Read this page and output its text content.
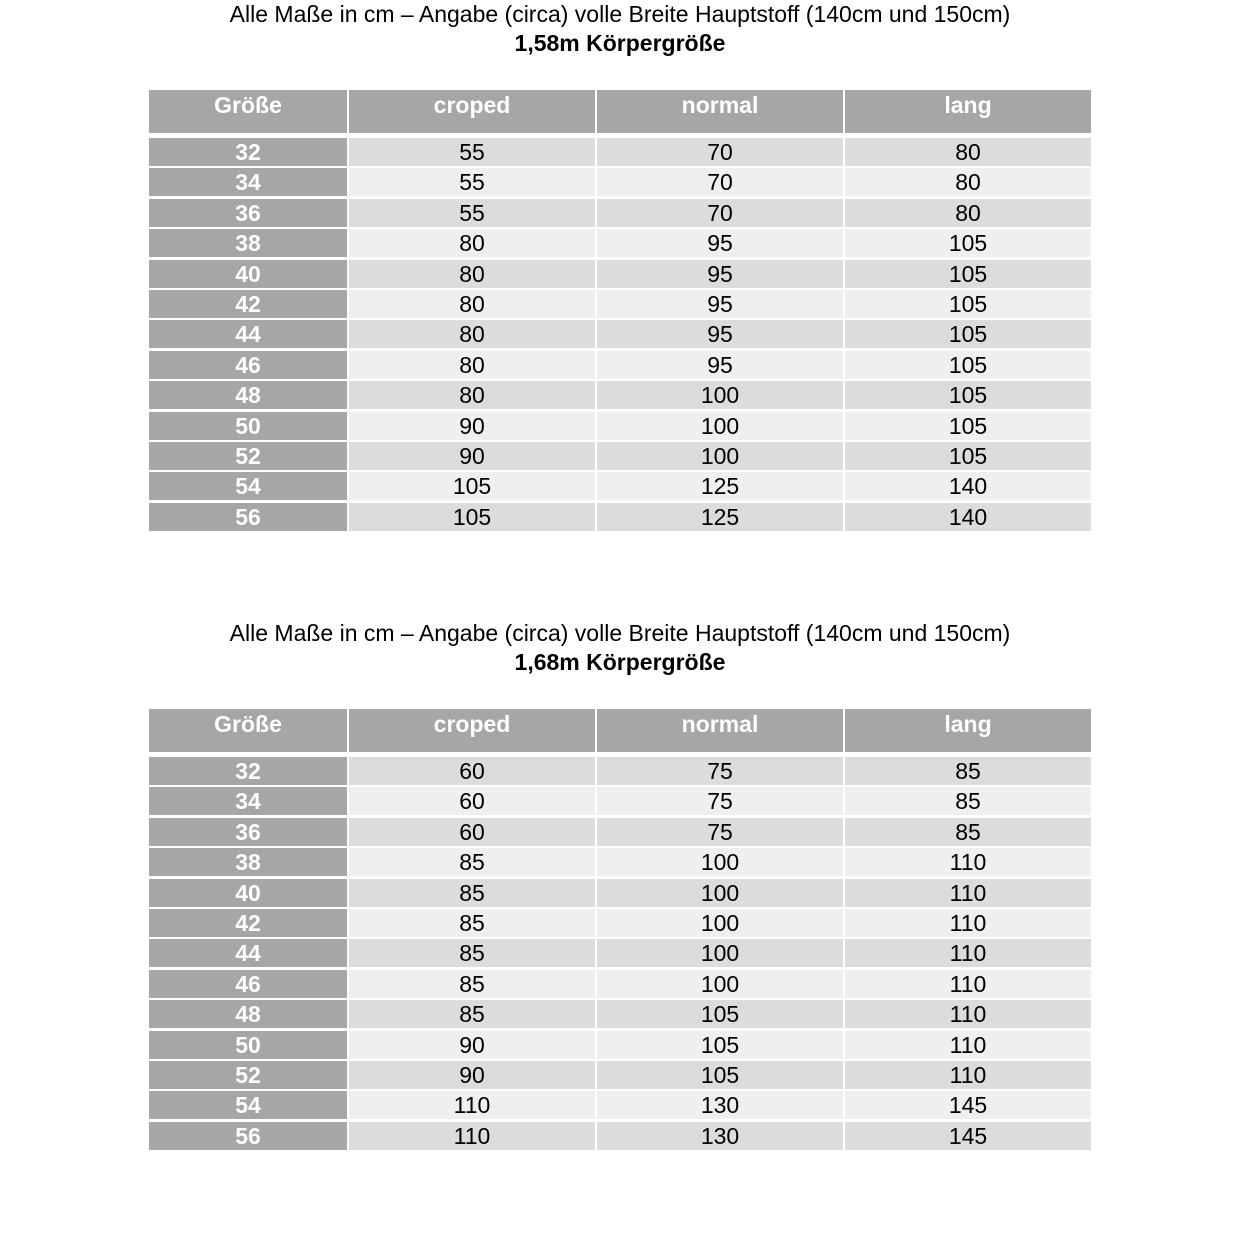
Alle Maße in cm – Angabe (circa) volle Breite Hauptstoff (140cm und 150cm)

1,58m Körpergröße

Größe	croped	normal	lang
32	55	70	80
34	55	70	80
36	55	70	80
38	80	95	105
40	80	95	105
42	80	95	105
44	80	95	105
46	80	95	105
48	80	100	105
50	90	100	105
52	90	100	105
54	105	125	140
56	105	125	140

Alle Maße in cm – Angabe (circa) volle Breite Hauptstoff (140cm und 150cm)

1,68m Körpergröße

Größe	croped	normal	lang
32	60	75	85
34	60	75	85
36	60	75	85
38	85	100	110
40	85	100	110
42	85	100	110
44	85	100	110
46	85	100	110
48	85	105	110
50	90	105	110
52	90	105	110
54	110	130	145
56	110	130	145
